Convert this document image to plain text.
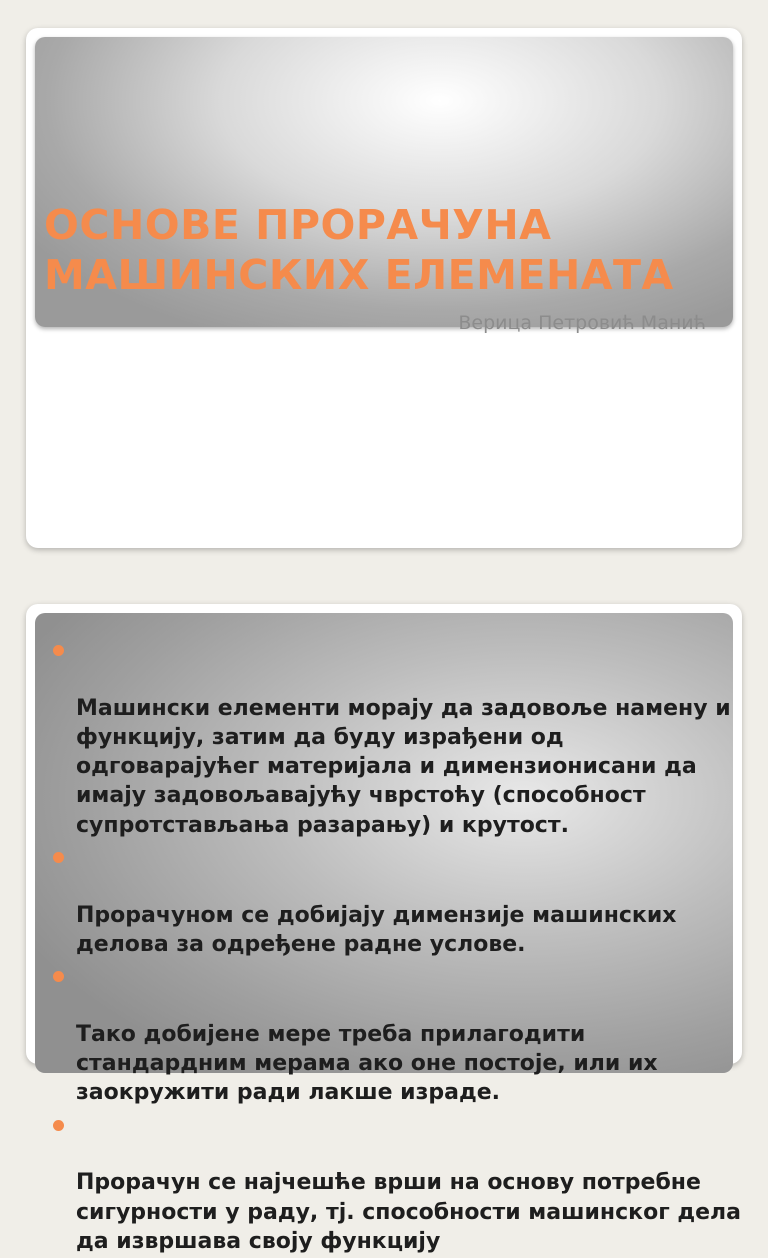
ОСНОВЕ ПРОРАЧУНА
МАШИНСКИХ ЕЛЕМЕНАТА

Верица Петровић Манић

Машински елементи морају да задовоље намену и функцију, затим да буду израђени од одговарајућег материјала и димензионисани да имају задовољавајућу чврстоћу (способност
супротстављања разарању) и крутост.

Прорачуном се добијају димензије машинских делова за одређене радне услове.

Тако добијене мере треба прилагодити стандардним мерама ако оне постоје, или их заокружити ради лакше израде.

Прорачун се најчешће врши на основу потребне сигурности у раду, тј. способности машинског дела да извршава своју функцију
